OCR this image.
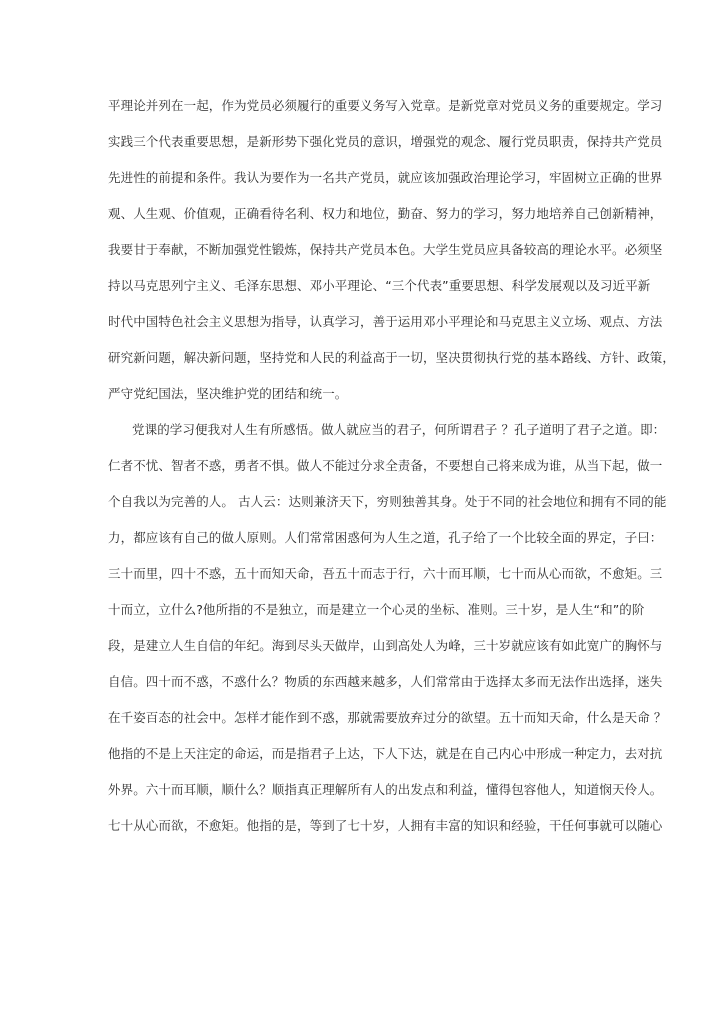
平理论并列在一起，作为党员必须履行的重要义务写入党章。是新党章对党员义务的重要规定。学习
实践三个代表重要思想，是新形势下强化党员的意识，增强党的观念、履行党员职责，保持共产党员
先进性的前提和条件。我认为要作为一名共产党员，就应该加强政治理论学习，牢固树立正确的世界
观、人生观、价值观，正确看待名利、权力和地位，勤奋、努力的学习，努力地培养自己创新精神，
我要甘于奉献，不断加强党性锻炼，保持共产党员本色。大学生党员应具备较高的理论水平。必须坚
持以马克思列宁主义、毛泽东思想、邓小平理论、“三个代表”重要思想、科学发展观以及习近平新
时代中国特色社会主义思想为指导，认真学习，善于运用邓小平理论和马克思主义立场、观点、方法
研究新问题，解决新问题，坚持党和人民的利益高于一切，坚决贯彻执行党的基本路线、方针、政策，
严守党纪国法，坚决维护党的团结和统一。
党课的学习便我对人生有所感悟。做人就应当的君子，何所谓君子 ？孔子道明了君子之道。即：
仁者不忧、智者不惑，勇者不惧。做人不能过分求全责备，不要想自己将来成为谁，从当下起，做一
个自我以为完善的人。 古人云：达则兼济天下，穷则独善其身。处于不同的社会地位和拥有不同的能
力，都应该有自己的做人原则。人们常常困惑何为人生之道，孔子给了一个比较全面的界定，子曰：
三十而里，四十不惑，五十而知天命，吾五十而志于行，六十而耳顺，七十而从心而欲，不愈矩。三
十而立，立什么?他所指的不是独立，而是建立一个心灵的坐标、准则。三十岁，是人生“和”的阶
段，是建立人生自信的年纪。海到尽头天做岸，山到高处人为峰，三十岁就应该有如此宽广的胸怀与
自信。四十而不惑，不惑什么？物质的东西越来越多，人们常常由于选择太多而无法作出选择，迷失
在千姿百态的社会中。怎样才能作到不惑，那就需要放弃过分的欲望。五十而知天命，什么是天命 ？
他指的不是上天注定的命运，而是指君子上达，下人下达，就是在自己内心中形成一种定力，去对抗
外界。六十而耳顺，顺什么？顺指真正理解所有人的出发点和利益，懂得包容他人，知道悯天伶人。
七十从心而欲，不愈矩。他指的是，等到了七十岁，人拥有丰富的知识和经验，干任何事就可以随心
